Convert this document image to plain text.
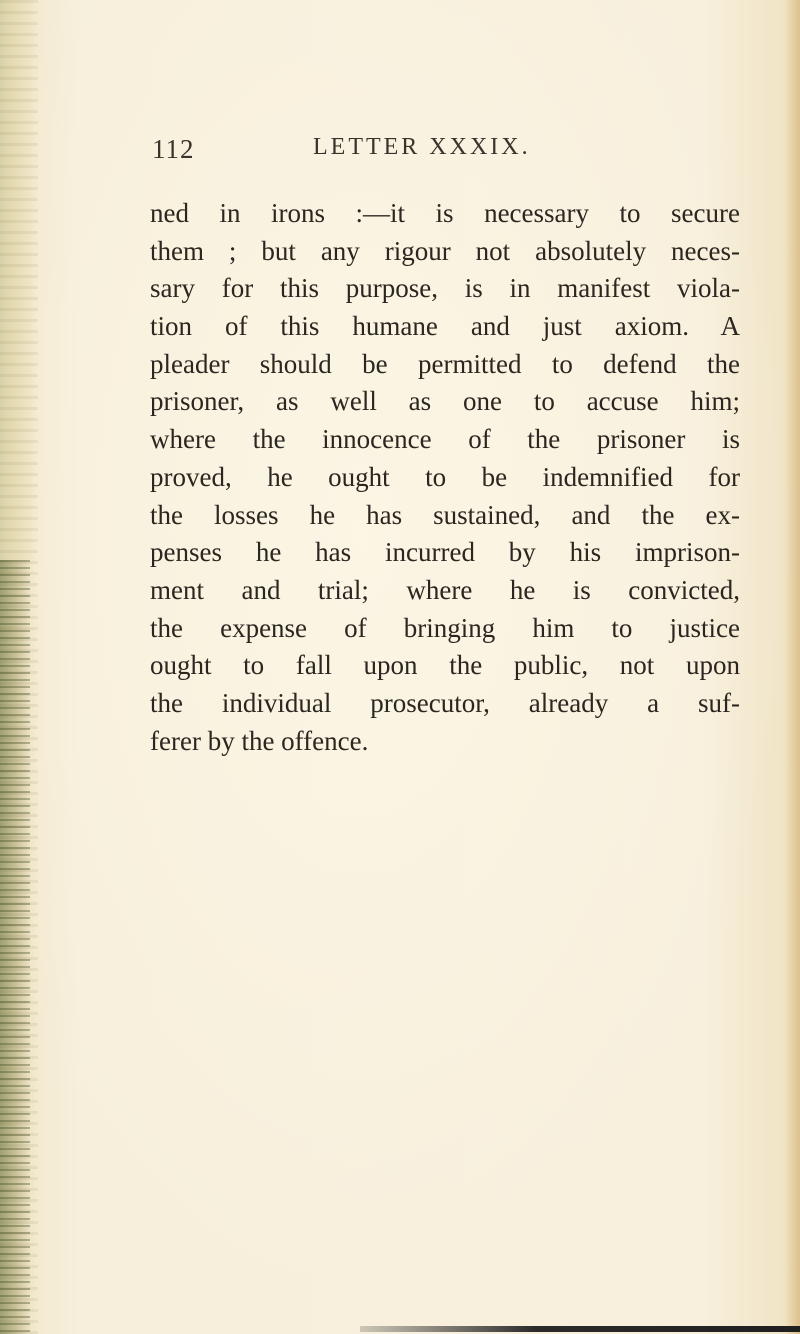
112	LETTER XXXIX.
ned in irons :—it is necessary to secure
them ; but any rigour not absolutely neces-
sary for this purpose, is in manifest viola-
tion of this humane and just axiom. A
pleader should be permitted to defend the
prisoner, as well as one to accuse him;
where the innocence of the prisoner is
proved, he ought to be indemnified for
the losses he has sustained, and the ex-
penses he has incurred by his imprison-
ment and trial; where he is convicted,
the expense of bringing him to justice
ought to fall upon the public, not upon
the individual prosecutor, already a suf-
ferer by the offence.
